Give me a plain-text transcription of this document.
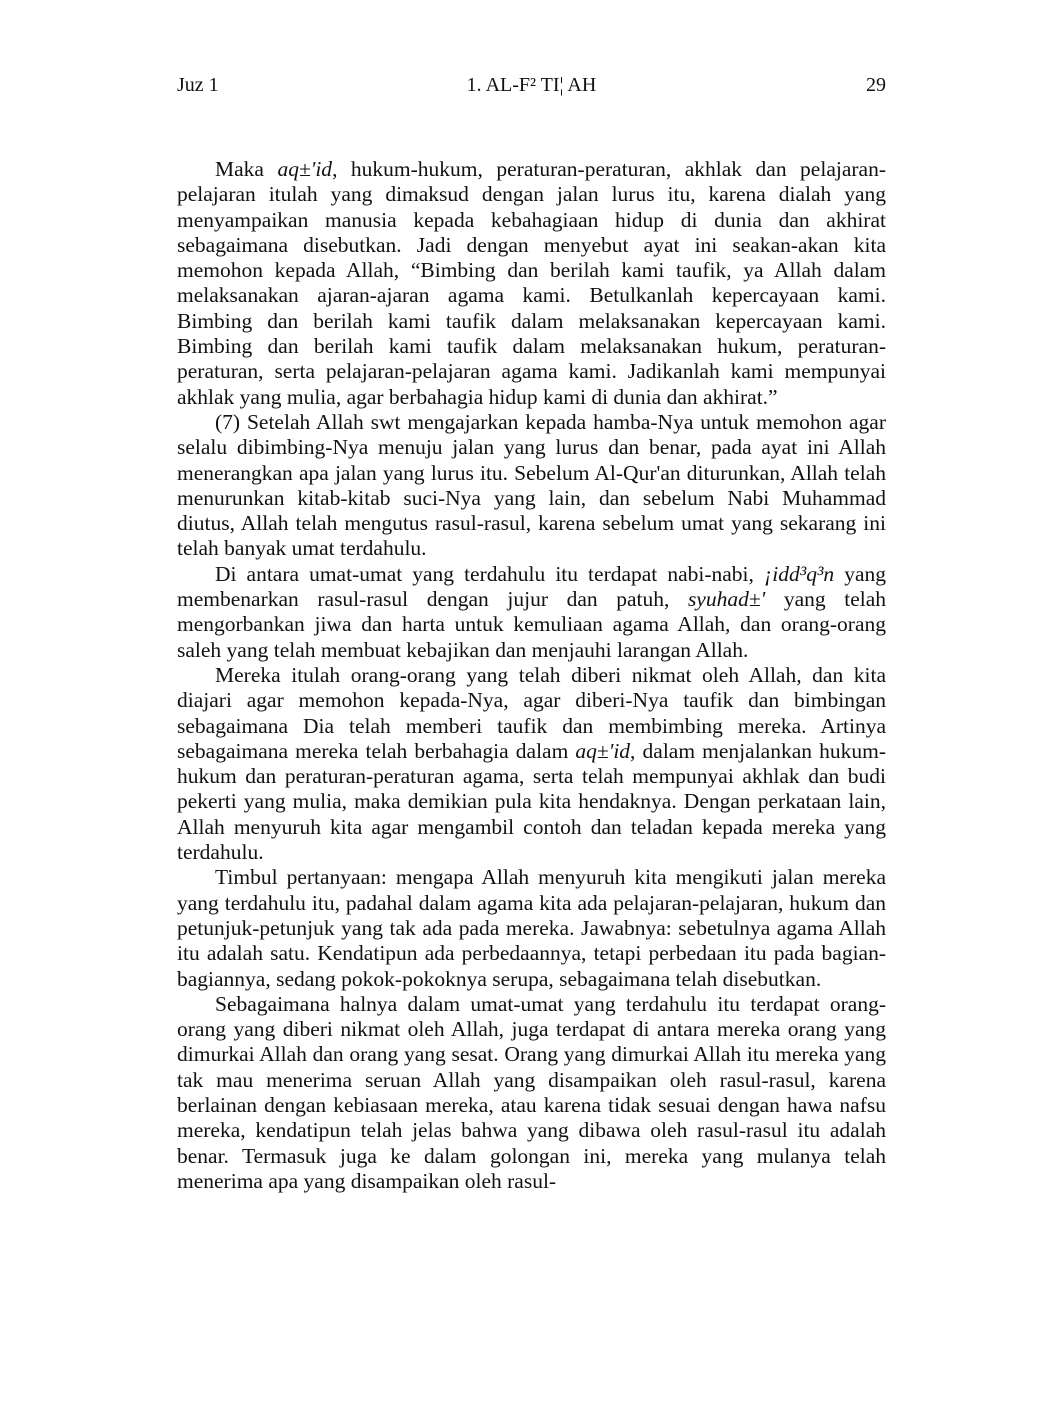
Juz 1	1. AL-F² TI¦ AH	29

Maka aq±'id, hukum-hukum, peraturan-peraturan, akhlak dan pelajaran-pelajaran itulah yang dimaksud dengan jalan lurus itu, karena dialah yang menyampaikan manusia kepada kebahagiaan hidup di dunia dan akhirat sebagaimana disebutkan. Jadi dengan menyebut ayat ini seakan-akan kita memohon kepada Allah, “Bimbing dan berilah kami taufik, ya Allah dalam melaksanakan ajaran-ajaran agama kami. Betulkanlah kepercayaan kami. Bimbing dan berilah kami taufik dalam melaksanakan kepercayaan kami. Bimbing dan berilah kami taufik dalam melaksanakan hukum, peraturan-peraturan, serta pelajaran-pelajaran agama kami. Jadikanlah kami mempunyai akhlak yang mulia, agar berbahagia hidup kami di dunia dan akhirat.”

(7) Setelah Allah swt mengajarkan kepada hamba-Nya untuk memohon agar selalu dibimbing-Nya menuju jalan yang lurus dan benar, pada ayat ini Allah menerangkan apa jalan yang lurus itu. Sebelum Al-Qur'an diturunkan, Allah telah menurunkan kitab-kitab suci-Nya yang lain, dan sebelum Nabi Muhammad diutus, Allah telah mengutus rasul-rasul, karena sebelum umat yang sekarang ini telah banyak umat terdahulu.

Di antara umat-umat yang terdahulu itu terdapat nabi-nabi, ¡idd³q³n yang membenarkan rasul-rasul dengan jujur dan patuh, syuhad±' yang telah mengorbankan jiwa dan harta untuk kemuliaan agama Allah, dan orang-orang saleh yang telah membuat kebajikan dan menjauhi larangan Allah.

Mereka itulah orang-orang yang telah diberi nikmat oleh Allah, dan kita diajari agar memohon kepada-Nya, agar diberi-Nya taufik dan bimbingan sebagaimana Dia telah memberi taufik dan membimbing mereka. Artinya sebagaimana mereka telah berbahagia dalam aq±'id, dalam menjalankan hukum-hukum dan peraturan-peraturan agama, serta telah mempunyai akhlak dan budi pekerti yang mulia, maka demikian pula kita hendaknya. Dengan perkataan lain, Allah menyuruh kita agar mengambil contoh dan teladan kepada mereka yang terdahulu.

Timbul pertanyaan: mengapa Allah menyuruh kita mengikuti jalan mereka yang terdahulu itu, padahal dalam agama kita ada pelajaran-pelajaran, hukum dan petunjuk-petunjuk yang tak ada pada mereka. Jawabnya: sebetulnya agama Allah itu adalah satu. Kendatipun ada perbedaannya, tetapi perbedaan itu pada bagian-bagiannya, sedang pokok-pokoknya serupa, sebagaimana telah disebutkan.

Sebagaimana halnya dalam umat-umat yang terdahulu itu terdapat orang-orang yang diberi nikmat oleh Allah, juga terdapat di antara mereka orang yang dimurkai Allah dan orang yang sesat. Orang yang dimurkai Allah itu mereka yang tak mau menerima seruan Allah yang disampaikan oleh rasul-rasul, karena berlainan dengan kebiasaan mereka, atau karena tidak sesuai dengan hawa nafsu mereka, kendatipun telah jelas bahwa yang dibawa oleh rasul-rasul itu adalah benar. Termasuk juga ke dalam golongan ini, mereka yang mulanya telah menerima apa yang disampaikan oleh rasul-
